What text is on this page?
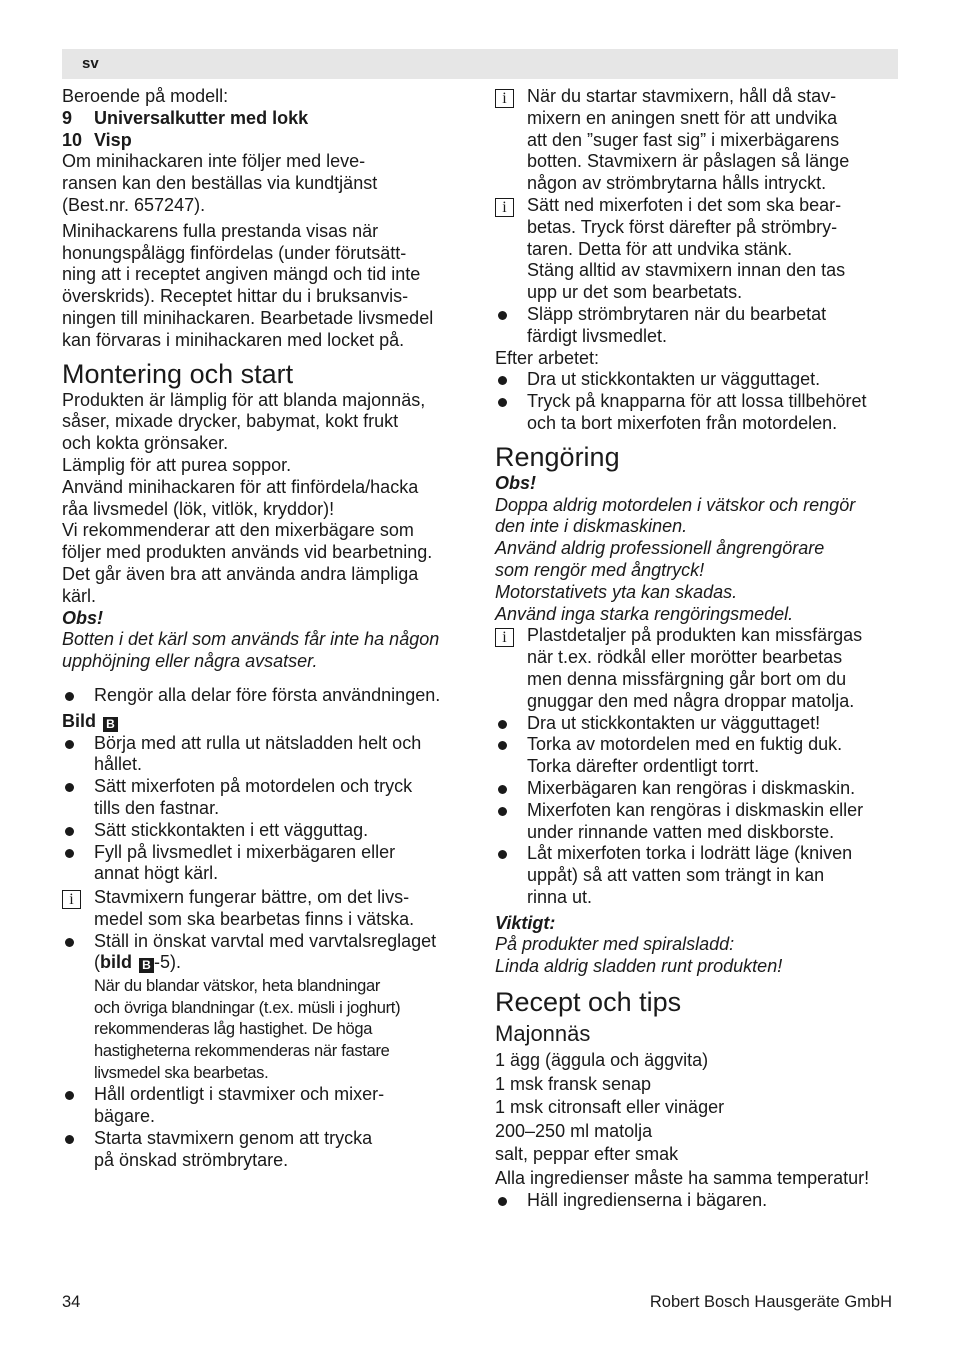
sv

Beroende på modell:

9 Universalkutter med lokk

10 Visp

Om minihackaren inte följer med leve-
ransen kan den beställas via kundtjänst
(Best.nr. 657247).

Minihackarens fulla prestanda visas när
honungspålägg finfördelas (under förutsätt-
ning att i receptet angiven mängd och tid inte
överskrids). Receptet hittar du i bruksanvis-
ningen till minihackaren. Bearbetade livsmedel
kan förvaras i minihackaren med locket på.

Montering och start

Produkten är lämplig för att blanda majonnäs,
såser, mixade drycker, babymat, kokt frukt
och kokta grönsaker.
Lämplig för att purea soppor.
Använd minihackaren för att finfördela/hacka
råa livsmedel (lök, vitlök, kryddor)!
Vi rekommenderar att den mixerbägare som
följer med produkten används vid bearbetning.
Det går även bra att använda andra lämpliga
kärl.

Obs!

Botten i det kärl som används får inte ha någon
upphöjning eller några avsatser.

Rengör alla delar före första användningen.

Bild B

Börja med att rulla ut nätsladden helt och
hållet.
Sätt mixerfoten på motordelen och tryck
tills den fastnar.
Sätt stickkontakten i ett vägguttag.
Fyll på livsmedlet i mixerbägaren eller
annat högt kärl.
i	Stavmixern fungerar bättre, om det livs-
medel som ska bearbetas finns i vätska.
Ställ in önskat varvtal med varvtalsreglaget
(bild B -5).
När du blandar vätskor, heta blandningar
och övriga blandningar (t.ex. müsli i joghurt)
rekommenderas låg hastighet. De höga
hastigheterna rekommenderas när fastare
livsmedel ska bearbetas.
Håll ordentligt i stavmixer och mixer-
bägare.
Starta stavmixern genom att trycka
på önskad strömbrytare.
i	När du startar stavmixern, håll då stav-
mixern en aningen snett för att undvika
att den ”suger fast sig” i mixerbägarens
botten. Stavmixern är påslagen så länge
någon av strömbrytarna hålls intryckt.
i	Sätt ned mixerfoten i det som ska bear-
betas. Tryck först därefter på strömbry-
taren. Detta för att undvika stänk.
Stäng alltid av stavmixern innan den tas
upp ur det som bearbetats.
Släpp strömbrytaren när du bearbetat
färdigt livsmedlet.

Efter arbetet:

Dra ut stickkontakten ur vägguttaget.
Tryck på knapparna för att lossa tillbehöret
och ta bort mixerfoten från motordelen.
Rengöring

Obs!

Doppa aldrig motordelen i vätskor och rengör
den inte i diskmaskinen.

Använd aldrig professionell ångrengörare
som rengör med ångtryck!

Motorstativets yta kan skadas.
Använd inga starka rengöringsmedel.

i	Plastdetaljer på produkten kan missfärgas
när t.ex. rödkål eller morötter bearbetas
men denna missfärgning går bort om du
gnuggar den med några droppar matolja.
Dra ut stickkontakten ur vägguttaget!
Torka av motordelen med en fuktig duk.
Torka därefter ordentligt torrt.
Mixerbägaren kan rengöras i diskmaskin.
Mixerfoten kan rengöras i diskmaskin eller
under rinnande vatten med diskborste.
Låt mixerfoten torka i lodrätt läge (kniven
uppåt) så att vatten som trängt in kan
rinna ut.

Viktigt:

På produkter med spiralsladd:
Linda aldrig sladden runt produkten!

Recept och tips
Majonnäs

1 ägg (äggula och äggvita)

1 msk fransk senap

1 msk citronsaft eller vinäger

200–250 ml matolja

salt, peppar efter smak

Alla ingredienser måste ha samma temperatur!

Häll ingredienserna i bägaren.
34	Robert Bosch Hausgeräte GmbH
